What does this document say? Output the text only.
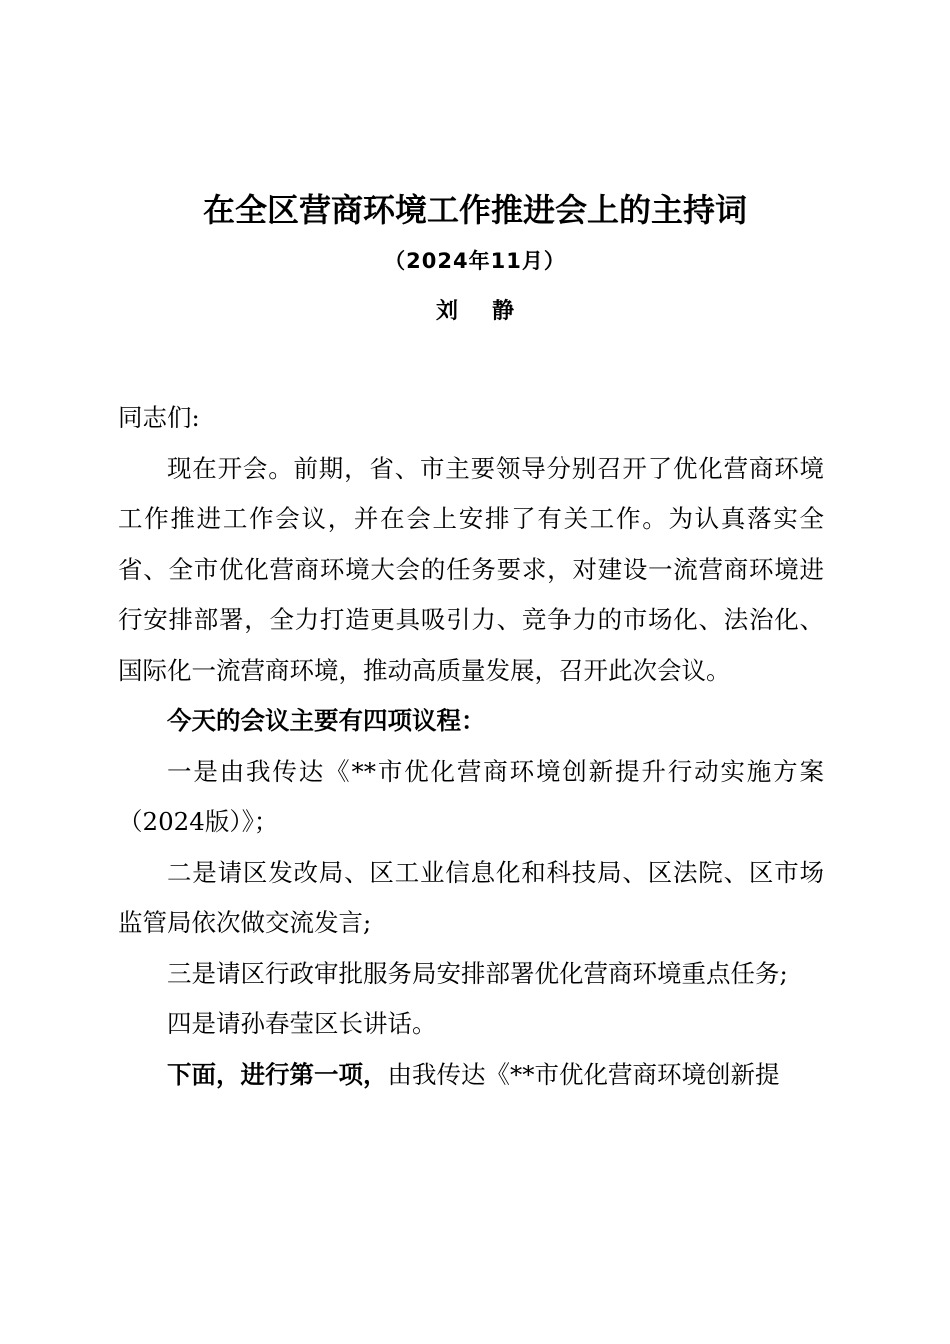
在全区营商环境工作推进会上的主持词
（2024年11月）
刘静

同志们:

现在开会。前期，省、市主要领导分别召开了优化营商环境工作推进工作会议，并在会上安排了有关工作。为认真落实全省、全市优化营商环境大会的任务要求，对建设一流营商环境进行安排部署，全力打造更具吸引力、竞争力的市场化、法治化、国际化一流营商环境，推动高质量发展，召开此次会议。

今天的会议主要有四项议程：

一是由我传达《**市优化营商环境创新提升行动实施方案（2024版）》；

二是请区发改局、区工业信息化和科技局、区法院、区市场监管局依次做交流发言;

三是请区行政审批服务局安排部署优化营商环境重点任务;

四是请孙春莹区长讲话。

下面，进行第一项，由我传达《**市优化营商环境创新提
